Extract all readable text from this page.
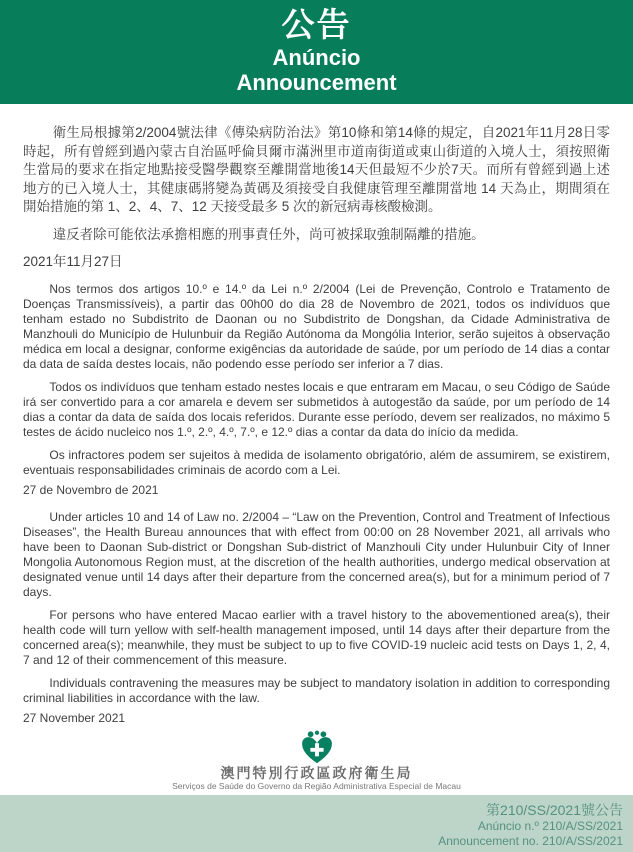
公告
Anúncio
Announcement

衛生局根據第2/2004號法律《傳染病防治法》第10條和第14條的規定，自2021年11月28日零時起，所有曾經到過內蒙古自治區呼倫貝爾市滿洲里市道南街道或東山街道的入境人士，須按照衛生當局的要求在指定地點接受醫學觀察至離開當地後14天但最短不少於7天。而所有曾經到過上述地方的已入境人士，其健康碼將變為黃碼及須接受自我健康管理至離開當地 14 天為止，期間須在開始措施的第 1、2、4、7、12 天接受最多 5 次的新冠病毒核酸檢測。

違反者除可能依法承擔相應的刑事責任外，尚可被採取強制隔離的措施。

2021年11月27日

Nos termos dos artigos 10.º e 14.º da Lei n.º 2/2004 (Lei de Prevenção, Controlo e Tratamento de Doenças Transmissíveis), a partir das 00h00 do dia 28 de Novembro de 2021, todos os indivíduos que tenham estado no Subdistrito de Daonan ou no Subdistrito de Dongshan, da Cidade Administrativa de Manzhouli do Município de Hulunbuir da Região Autónoma da Mongólia Interior, serão sujeitos à observação médica em local a designar, conforme exigências da autoridade de saúde, por um período de 14 dias a contar da data de saída destes locais, não podendo esse período ser inferior a 7 dias.

Todos os indivíduos que tenham estado nestes locais e que entraram em Macau, o seu Código de Saúde irá ser convertido para a cor amarela e devem ser submetidos à autogestão da saúde, por um período de 14 dias a contar da data de saída dos locais referidos. Durante esse período, devem ser realizados, no máximo 5 testes de ácido nucleico nos 1.º, 2.º, 4.º, 7.º, e 12.º dias a contar da data do início da medida.

Os infractores podem ser sujeitos à medida de isolamento obrigatório, além de assumirem, se existirem, eventuais responsabilidades criminais de acordo com a Lei.

27 de Novembro de 2021

Under articles 10 and 14 of Law no. 2/2004 – “Law on the Prevention, Control and Treatment of Infectious Diseases”, the Health Bureau announces that with effect from 00:00 on 28 November 2021, all arrivals who have been to Daonan Sub-district or Dongshan Sub-district of Manzhouli City under Hulunbuir City of Inner Mongolia Autonomous Region must, at the discretion of the health authorities, undergo medical observation at designated venue until 14 days after their departure from the concerned area(s), but for a minimum period of 7 days.

For persons who have entered Macao earlier with a travel history to the abovementioned area(s), their health code will turn yellow with self-health management imposed, until 14 days after their departure from the concerned area(s); meanwhile, they must be subject to up to five COVID-19 nucleic acid tests on Days 1, 2, 4, 7 and 12 of their commencement of this measure.

Individuals contravening the measures may be subject to mandatory isolation in addition to corresponding criminal liabilities in accordance with the law.

27 November 2021

澳門特別行政區政府衛生局
Serviços de Saúde do Governo da Região Administrativa Especial de Macau
第210/SS/2021號公告
Anúncio n.º 210/A/SS/2021
Announcement no. 210/A/SS/2021
